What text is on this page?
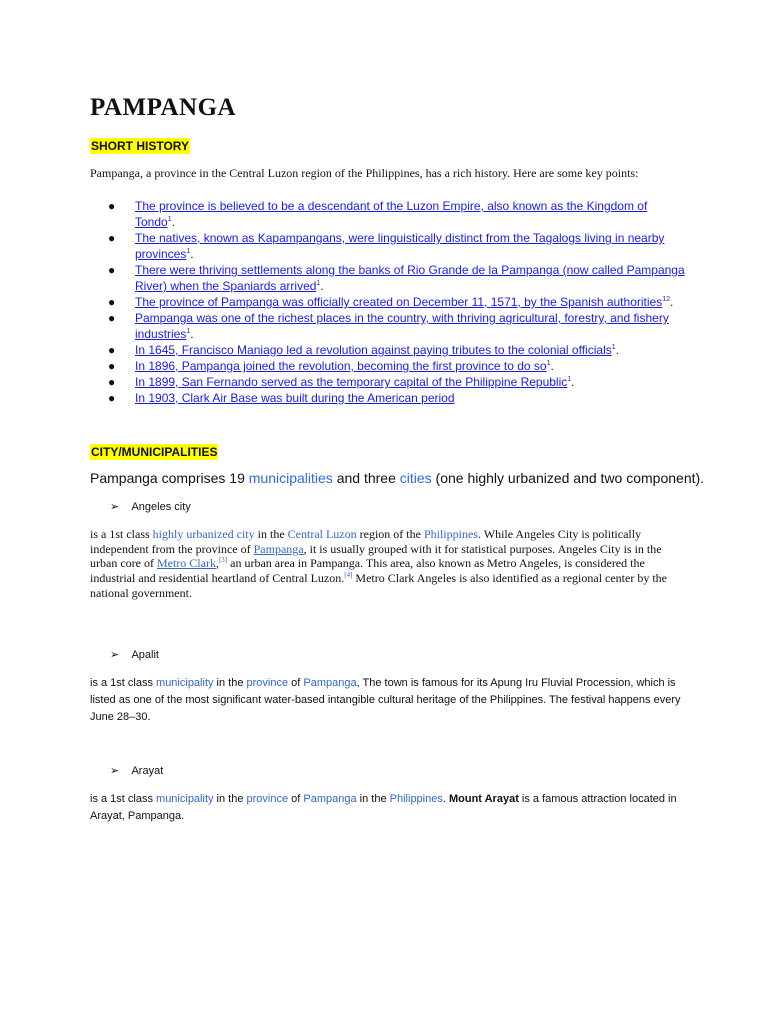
PAMPANGA
SHORT HISTORY
Pampanga, a province in the Central Luzon region of the Philippines, has a rich history. Here are some key points:
● The province is believed to be a descendant of the Luzon Empire, also known as the Kingdom of Tondo$^1$.
● The natives, known as Kapampangans, were linguistically distinct from the Tagalogs living in nearby provinces$^1$.
● There were thriving settlements along the banks of Rio Grande de la Pampanga (now called Pampanga River) when the Spaniards arrived$^1$.
● The province of Pampanga was officially created on December 11, 1571, by the Spanish authorities$^{12}$.
● Pampanga was one of the richest places in the country, with thriving agricultural, forestry, and fishery industries$^1$.
● In 1645, Francisco Maniago led a revolution against paying tributes to the colonial officials$^1$.
● In 1896, Pampanga joined the revolution, becoming the first province to do $so^1$.
● In 1899, San Fernando served as the temporary capital of the Philippine Republic$^1$.
● In 1903, Clark Air Base was built during the American period
CITY/MUNICIPALITIES
Pampanga comprises 19 municipalities and three cities (one highly urbanized and two component).
➢ Angeles city
is a 1st class highly urbanized city in the Central Luzon region of the Philippines. While Angeles City is politically independent from the province of Pampanga, it is usually grouped with it for statistical purposes. Angeles City is in the urban core of Metro Clark,[3] an urban area in Pampanga. This area, also known as Metro Angeles, is considered the industrial and residential heartland of Central Luzon.[4] Metro Clark Angeles is also identified as a regional center by the national government.
➢ Apalit
is a 1st class municipality in the province of Pampanga, The town is famous for its Apung Iru Fluvial Procession, which is listed as one of the most significant water-based intangible cultural heritage of the Philippines. The festival happens every June 28–30.
➢ Arayat
is a 1st class municipality in the province of Pampanga in the Philippines. Mount Arayat is a famous attraction located in Arayat, Pampanga.
